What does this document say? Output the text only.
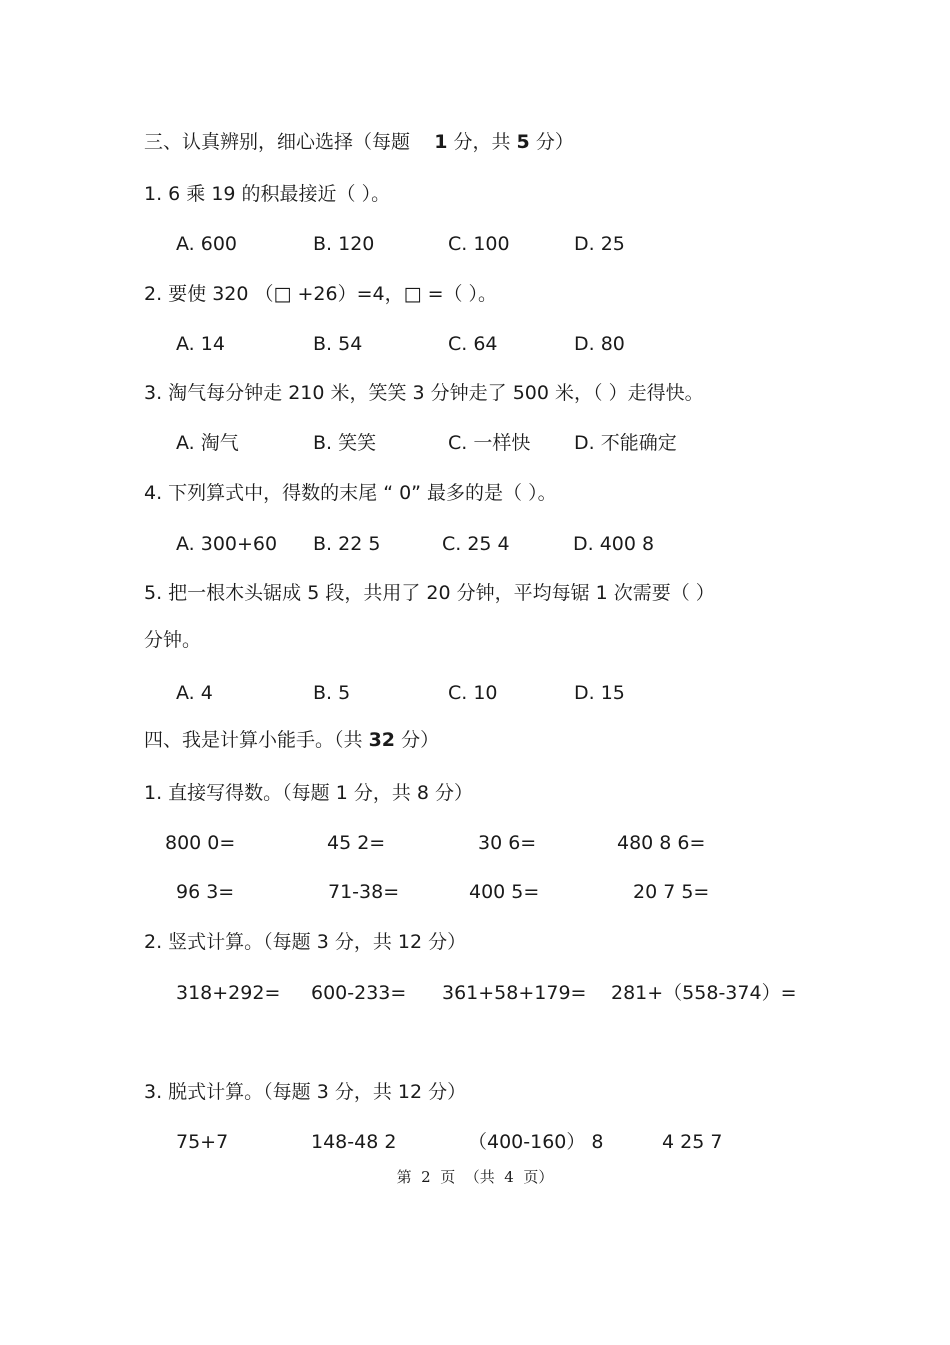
三、认真辨别，细心选择（每题 1 分，共 5 分）
1. 6 乘 19 的积最接近（ ）。
A. 600	B. 120	C. 100	D. 25
2. 要使 320 （□ +26）=4，□ =（ ）。
A. 14	B. 54	C. 64	D. 80
3. 淘气每分钟走 210 米，笑笑 3 分钟走了 500 米，（ ）走得快。
A. 淘气	B. 笑笑	C. 一样快 D. 不能确定
4. 下列算式中，得数的末尾 “ 0” 最多的是（ ）。
A. 300+60 B. 22 5	C. 25 4	D. 400 8
5. 把一根木头锯成 5 段，共用了 20 分钟，平均每锯 1 次需要（ ）
分钟。
A. 4	B. 5	C. 10	D. 15
四、我是计算小能手。（共 32 分）
1. 直接写得数。（每题 1 分，共 8 分）
800 0=	45 2=	30 6=	480 8 6=
96 3=	71-38=	400 5=	20 7 5=
2. 竖式计算。（每题 3 分，共 12 分）
318+292= 600-233= 361+58+179= 281+（558-374）=
3. 脱式计算。（每题 3 分，共 12 分）
75+7	148-48 2	（400-160） 8	4 25 7
第  2  页  （共  4  页）
